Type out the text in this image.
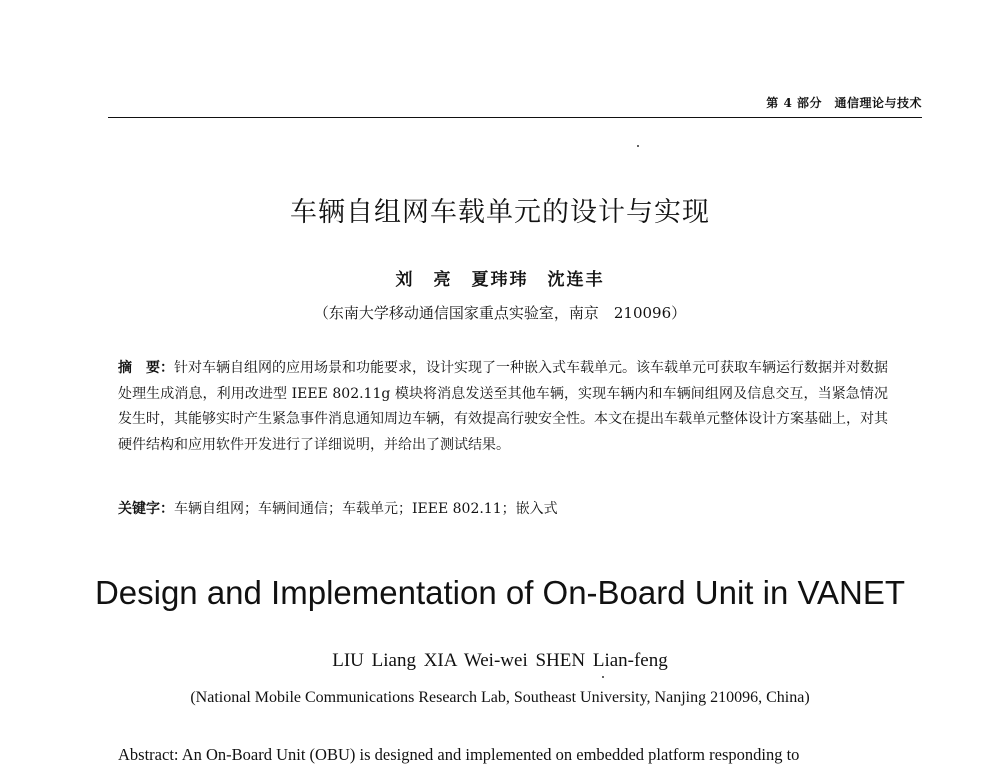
第 4 部分　通信理论与技术
车辆自组网车载单元的设计与实现
刘　亮　夏玮玮　沈连丰
（东南大学移动通信国家重点实验室，南京　210096）
摘　要：针对车辆自组网的应用场景和功能要求，设计实现了一种嵌入式车载单元。该车载单元可获取车辆运行数据并对数据处理生成消息，利用改进型 IEEE 802.11g 模块将消息发送至其他车辆，实现车辆内和车辆间组网及信息交互，当紧急情况发生时，其能够实时产生紧急事件消息通知周边车辆，有效提高行驶安全性。本文在提出车载单元整体设计方案基础上，对其硬件结构和应用软件开发进行了详细说明，并给出了测试结果。
关键字：车辆自组网；车辆间通信；车载单元；IEEE 802.11；嵌入式
Design and Implementation of On-Board Unit in VANET
LIU Liang XIA Wei-wei SHEN Lian-feng
(National Mobile Communications Research Lab, Southeast University, Nanjing 210096, China)
Abstract: An On-Board Unit (OBU) is designed and implemented on embedded platform responding to
